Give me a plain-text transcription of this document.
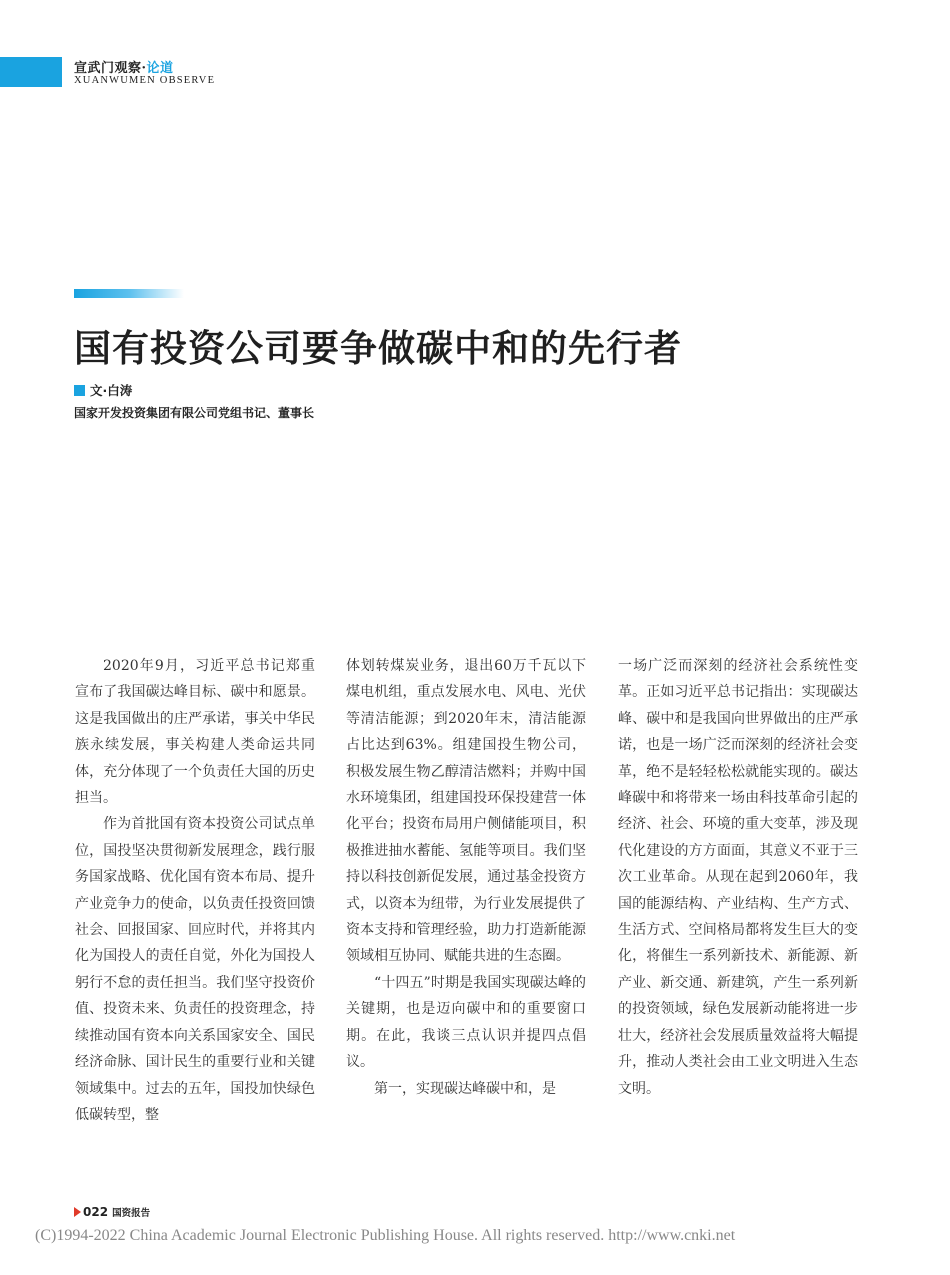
宣武门观察·论道
XUANWUMEN OBSERVE
国有投资公司要争做碳中和的先行者
文·白涛
国家开发投资集团有限公司党组书记、董事长

2020年9月，习近平总书记郑重宣布了我国碳达峰目标、碳中和愿景。这是我国做出的庄严承诺，事关中华民族永续发展，事关构建人类命运共同体，充分体现了一个负责任大国的历史担当。

作为首批国有资本投资公司试点单位，国投坚决贯彻新发展理念，践行服务国家战略、优化国有资本布局、提升产业竞争力的使命，以负责任投资回馈社会、回报国家、回应时代，并将其内化为国投人的责任自觉，外化为国投人躬行不怠的责任担当。我们坚守投资价值、投资未来、负责任的投资理念，持续推动国有资本向关系国家安全、国民经济命脉、国计民生的重要行业和关键领域集中。过去的五年，国投加快绿色低碳转型，整

体划转煤炭业务，退出60万千瓦以下煤电机组，重点发展水电、风电、光伏等清洁能源；到2020年末，清洁能源占比达到63%。组建国投生物公司，积极发展生物乙醇清洁燃料；并购中国水环境集团，组建国投环保投建营一体化平台；投资布局用户侧储能项目，积极推进抽水蓄能、氢能等项目。我们坚持以科技创新促发展，通过基金投资方式，以资本为纽带，为行业发展提供了资本支持和管理经验，助力打造新能源领域相互协同、赋能共进的生态圈。

“十四五”时期是我国实现碳达峰的关键期，也是迈向碳中和的重要窗口期。在此，我谈三点认识并提四点倡议。

第一，实现碳达峰碳中和，是

一场广泛而深刻的经济社会系统性变革。正如习近平总书记指出：实现碳达峰、碳中和是我国向世界做出的庄严承诺，也是一场广泛而深刻的经济社会变革，绝不是轻轻松松就能实现的。碳达峰碳中和将带来一场由科技革命引起的经济、社会、环境的重大变革，涉及现代化建设的方方面面，其意义不亚于三次工业革命。从现在起到2060年，我国的能源结构、产业结构、生产方式、生活方式、空间格局都将发生巨大的变化，将催生一系列新技术、新能源、新产业、新交通、新建筑，产生一系列新的投资领域，绿色发展新动能将进一步壮大，经济社会发展质量效益将大幅提升，推动人类社会由工业文明进入生态文明。

022 国资报告
(C)1994-2022 China Academic Journal Electronic Publishing House. All rights reserved. http://www.cnki.net
